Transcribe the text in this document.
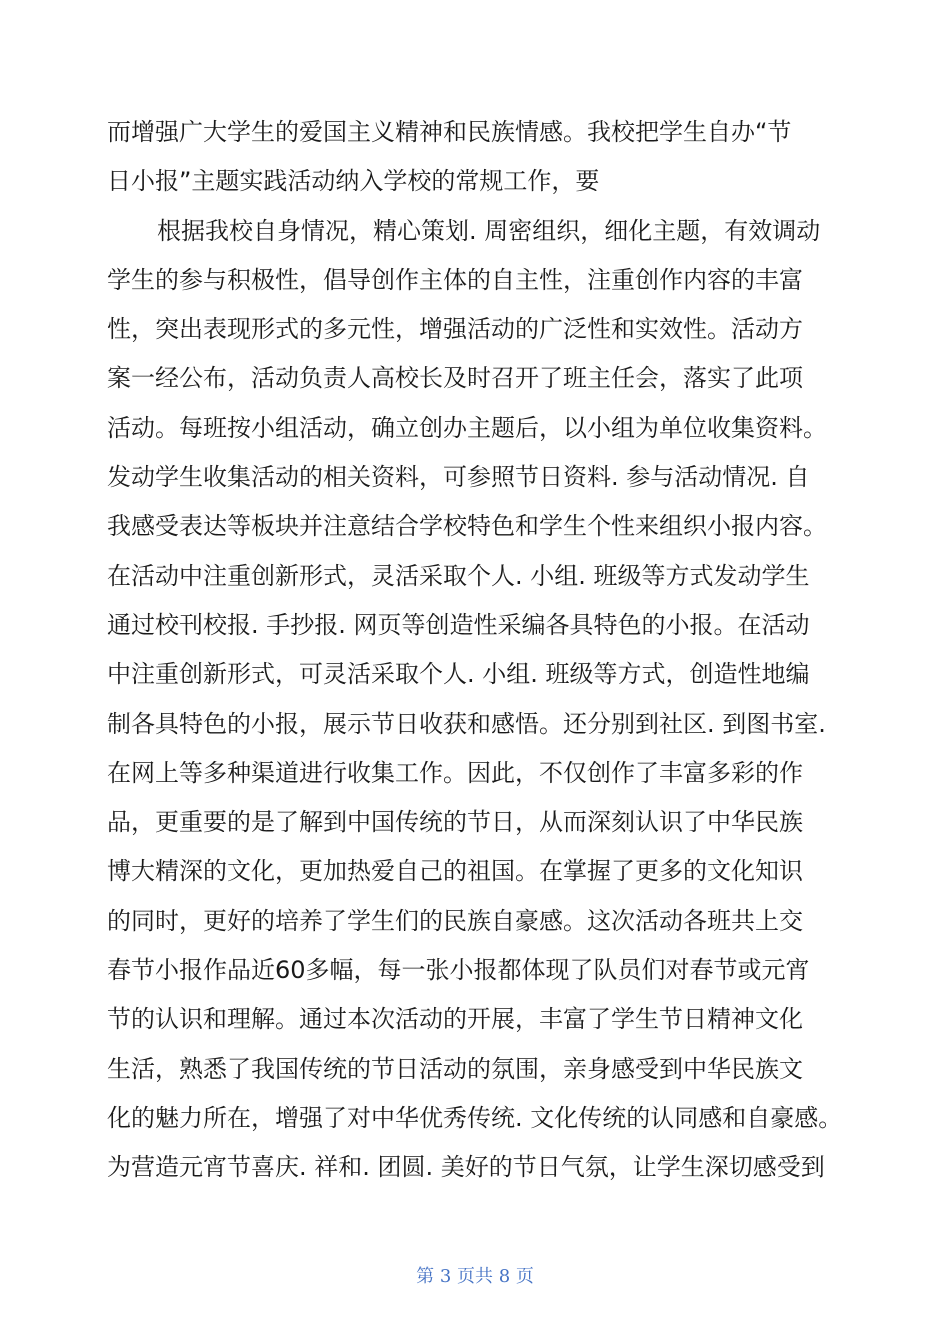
而增强广大学生的爱国主义精神和民族情感。我校把学生自办“节
日小报”主题实践活动纳入学校的常规工作，要
根据我校自身情况，精心策划. 周密组织，细化主题，有效调动
学生的参与积极性，倡导创作主体的自主性，注重创作内容的丰富
性，突出表现形式的多元性，增强活动的广泛性和实效性。活动方
案一经公布，活动负责人高校长及时召开了班主任会，落实了此项
活动。每班按小组活动，确立创办主题后，以小组为单位收集资料。
发动学生收集活动的相关资料，可参照节日资料. 参与活动情况. 自
我感受表达等板块并注意结合学校特色和学生个性来组织小报内容。
在活动中注重创新形式，灵活采取个人. 小组. 班级等方式发动学生
通过校刊校报. 手抄报. 网页等创造性采编各具特色的小报。在活动
中注重创新形式，可灵活采取个人. 小组. 班级等方式，创造性地编
制各具特色的小报，展示节日收获和感悟。还分别到社区. 到图书室.
在网上等多种渠道进行收集工作。因此，不仅创作了丰富多彩的作
品，更重要的是了解到中国传统的节日，从而深刻认识了中华民族
博大精深的文化，更加热爱自己的祖国。在掌握了更多的文化知识
的同时，更好的培养了学生们的民族自豪感。这次活动各班共上交
春节小报作品近60多幅，每一张小报都体现了队员们对春节或元宵
节的认识和理解。通过本次活动的开展，丰富了学生节日精神文化
生活，熟悉了我国传统的节日活动的氛围，亲身感受到中华民族文
化的魅力所在，增强了对中华优秀传统. 文化传统的认同感和自豪感。
为营造元宵节喜庆. 祥和. 团圆. 美好的节日气氛，让学生深切感受到
第 3 页共 8 页
